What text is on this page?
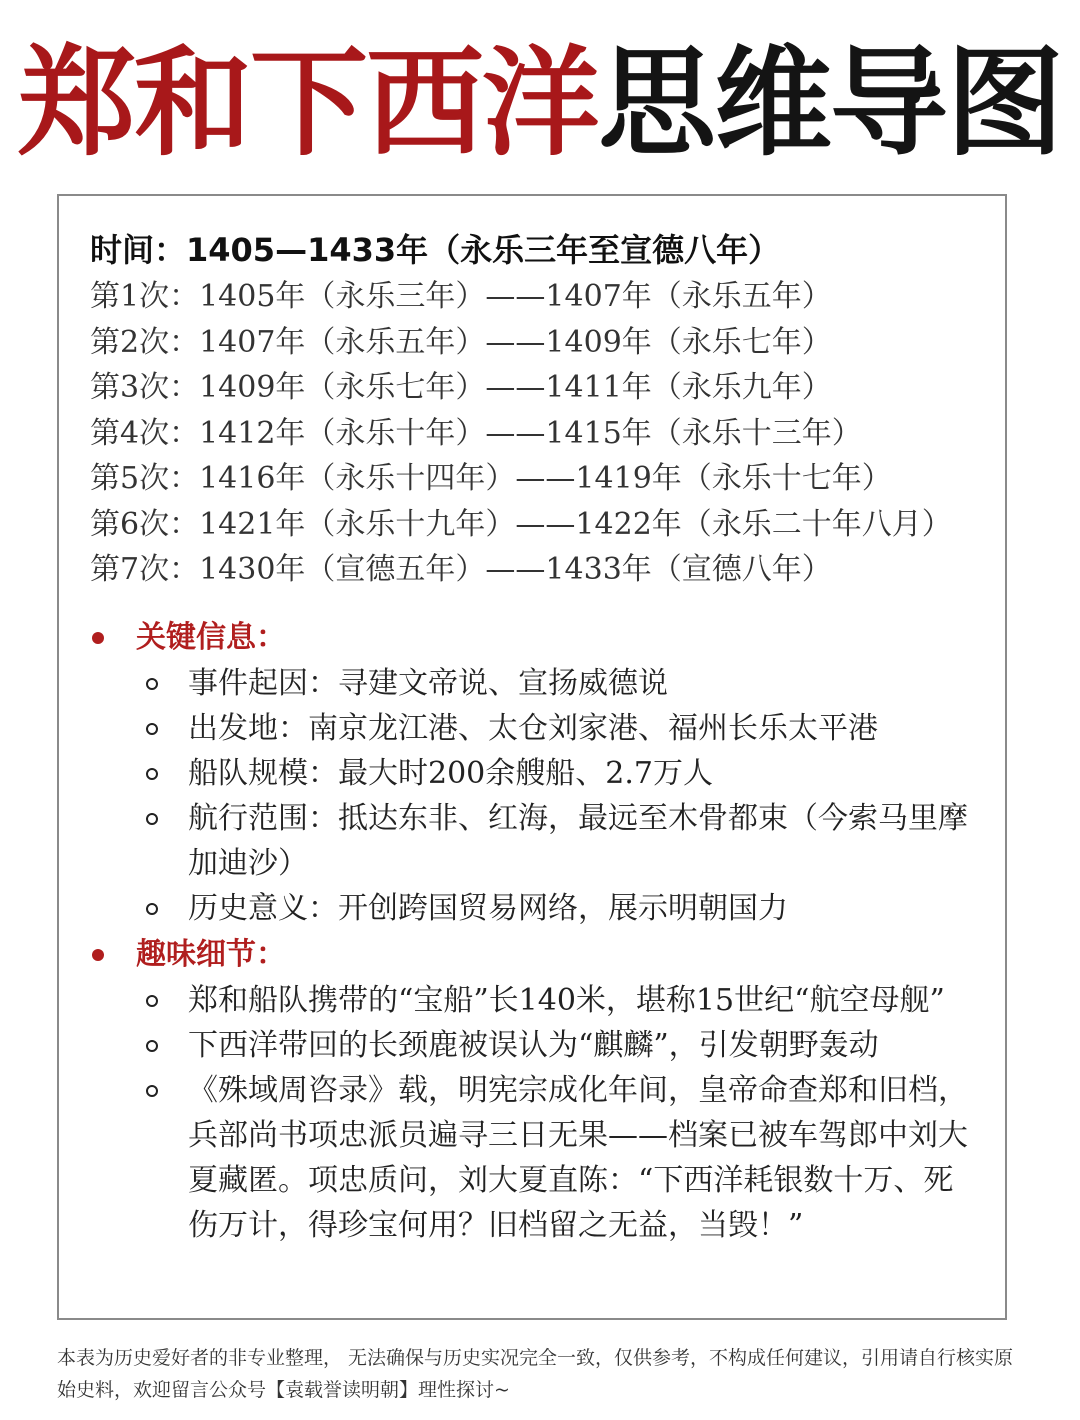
郑和下西洋思维导图
时间：1405—1433年（永乐三年至宣德八年）
第1次：1405年（永乐三年）——1407年（永乐五年）
第2次：1407年（永乐五年）——1409年（永乐七年）
第3次：1409年（永乐七年）——1411年（永乐九年）
第4次：1412年（永乐十年）——1415年（永乐十三年）
第5次：1416年（永乐十四年）——1419年（永乐十七年）
第6次：1421年（永乐十九年）——1422年（永乐二十年八月）
第7次：1430年（宣德五年）——1433年（宣德八年）
关键信息：
事件起因：寻建文帝说、宣扬威德说
出发地：南京龙江港、太仓刘家港、福州长乐太平港
船队规模：最大时200余艘船、2.7万人
航行范围：抵达东非、红海，最远至木骨都束（今索马里摩加迪沙）
历史意义：开创跨国贸易网络，展示明朝国力
趣味细节：
郑和船队携带的“宝船”长140米，堪称15世纪“航空母舰”
下西洋带回的长颈鹿被误认为“麒麟”，引发朝野轰动
《殊域周咨录》载，明宪宗成化年间，皇帝命查郑和旧档，兵部尚书项忠派员遍寻三日无果——档案已被车驾郎中刘大夏藏匿。项忠质问，刘大夏直陈：“下西洋耗银数十万、死伤万计，得珍宝何用？旧档留之无益，当毁！”
本表为历史爱好者的非专业整理， 无法确保与历史实况完全一致，仅供参考，不构成任何建议，引用请自行核实原始史料，欢迎留言公众号【袁载誉读明朝】理性探讨~
